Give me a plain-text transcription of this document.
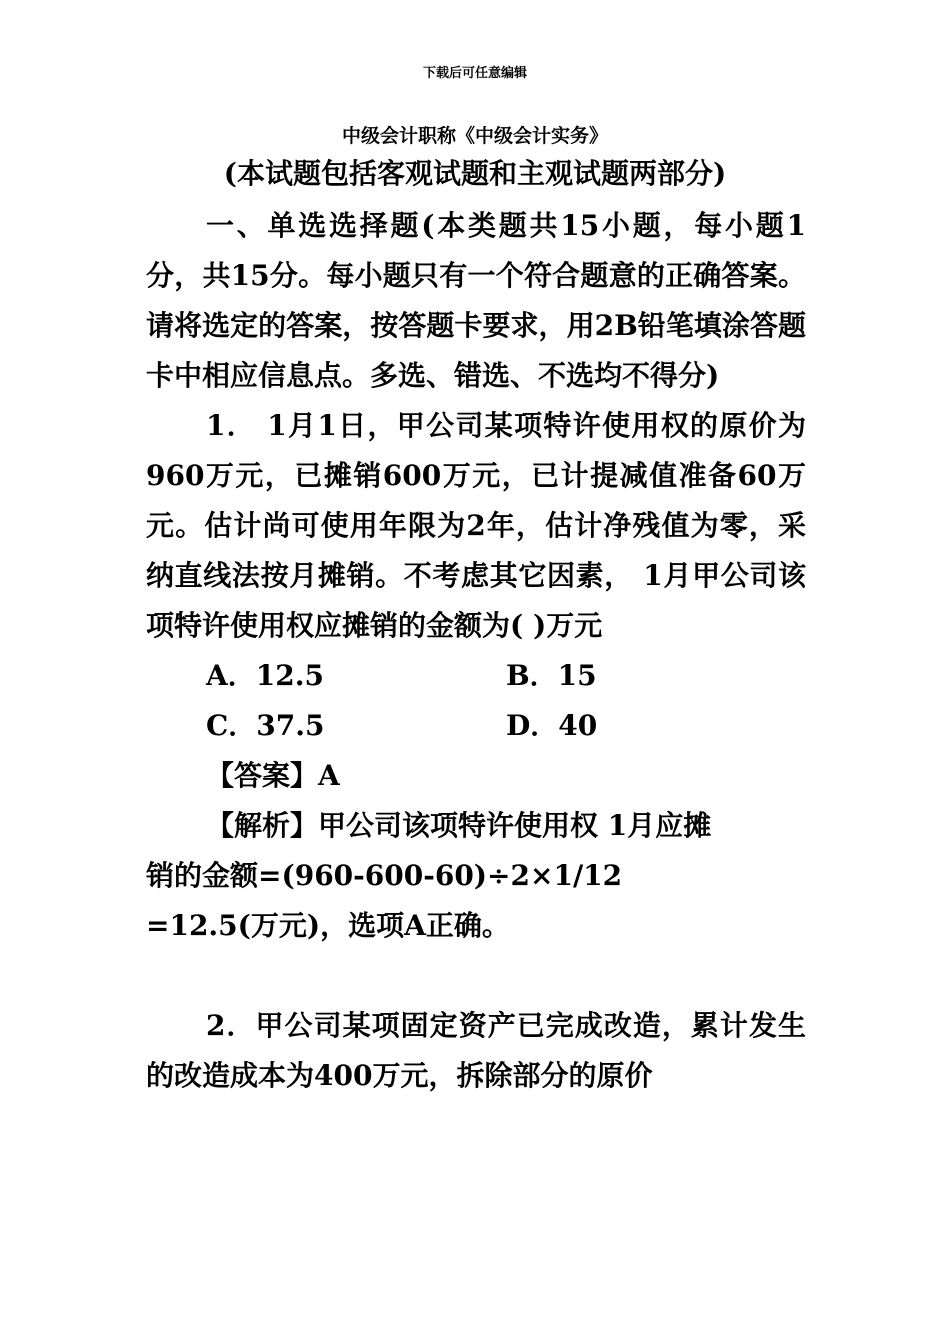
下载后可任意编辑
中级会计职称《中级会计实务》
(本试题包括客观试题和主观试题两部分)

一、单选选择题(本类题共15小题，每小题1分，共15分。每小题只有一个符合题意的正确答案。请将选定的答案，按答题卡要求，用2B铅笔填涂答题卡中相应信息点。多选、错选、不选均不得分)

1． 1月1日，甲公司某项特许使用权的原价为960万元，已摊销600万元，已计提减值准备60万元。估计尚可使用年限为2年，估计净残值为零，采纳直线法按月摊销。不考虑其它因素， 1月甲公司该项特许使用权应摊销的金额为( )万元

A．12.5	B．15
C．37.5	D．40

【答案】A

【解析】甲公司该项特许使用权 1月应摊

销的金额=(960-600-60)÷2×1/12

=12.5(万元)，选项A正确。

2．甲公司某项固定资产已完成改造，累计发生的改造成本为400万元，拆除部分的原价
